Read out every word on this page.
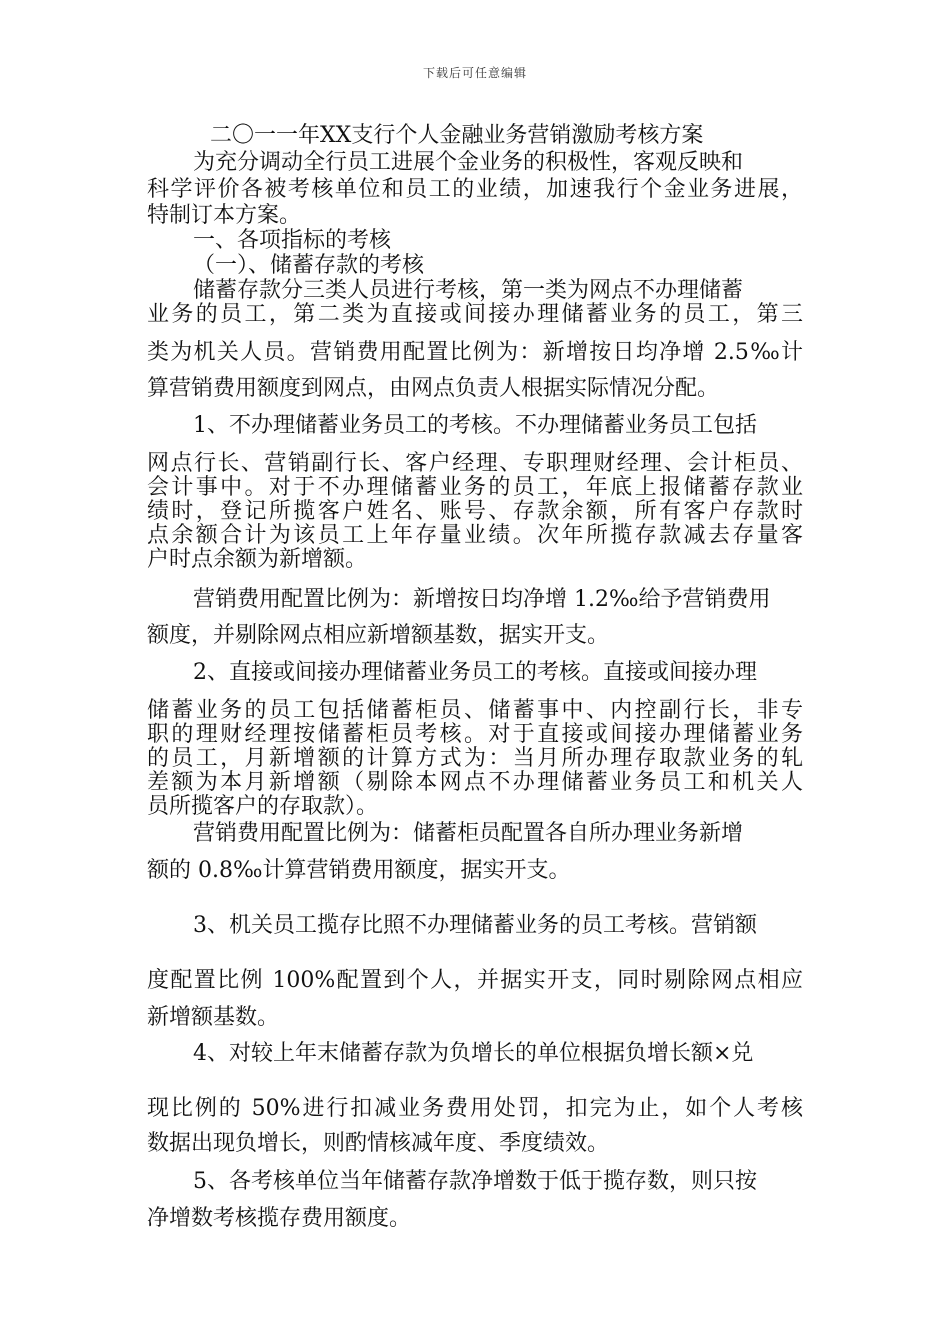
下载后可任意编辑
二〇一一年XX支行个人金融业务营销激励考核方案
为充分调动全行员工进展个金业务的积极性，客观反映和
科学评价各被考核单位和员工的业绩，加速我行个金业务进展，
特制订本方案。
一、各项指标的考核
（一）、储蓄存款的考核
储蓄存款分三类人员进行考核，第一类为网点不办理储蓄
业务的员工，第二类为直接或间接办理储蓄业务的员工，第三
类为机关人员。营销费用配置比例为：新增按日均净增 2.5‰计
算营销费用额度到网点，由网点负责人根据实际情况分配。
1、不办理储蓄业务员工的考核。不办理储蓄业务员工包括
网点行长、营销副行长、客户经理、专职理财经理、会计柜员、
会计事中。对于不办理储蓄业务的员工，年底上报储蓄存款业
绩时，登记所揽客户姓名、账号、存款余额，所有客户存款时
点余额合计为该员工上年存量业绩。次年所揽存款减去存量客
户时点余额为新增额。
营销费用配置比例为：新增按日均净增 1.2‰给予营销费用
额度，并剔除网点相应新增额基数，据实开支。
2、直接或间接办理储蓄业务员工的考核。直接或间接办理
储蓄业务的员工包括储蓄柜员、储蓄事中、内控副行长，非专
职的理财经理按储蓄柜员考核。对于直接或间接办理储蓄业务
的员工，月新增额的计算方式为：当月所办理存取款业务的轧
差额为本月新增额（剔除本网点不办理储蓄业务员工和机关人
员所揽客户的存取款）。
营销费用配置比例为：储蓄柜员配置各自所办理业务新增
额的 0.8‰计算营销费用额度，据实开支。
3、机关员工揽存比照不办理储蓄业务的员工考核。营销额
度配置比例 100%配置到个人，并据实开支，同时剔除网点相应
新增额基数。
4、对较上年末储蓄存款为负增长的单位根据负增长额×兑
现比例的 50%进行扣减业务费用处罚，扣完为止，如个人考核
数据出现负增长，则酌情核减年度、季度绩效。
5、各考核单位当年储蓄存款净增数于低于揽存数，则只按
净增数考核揽存费用额度。
